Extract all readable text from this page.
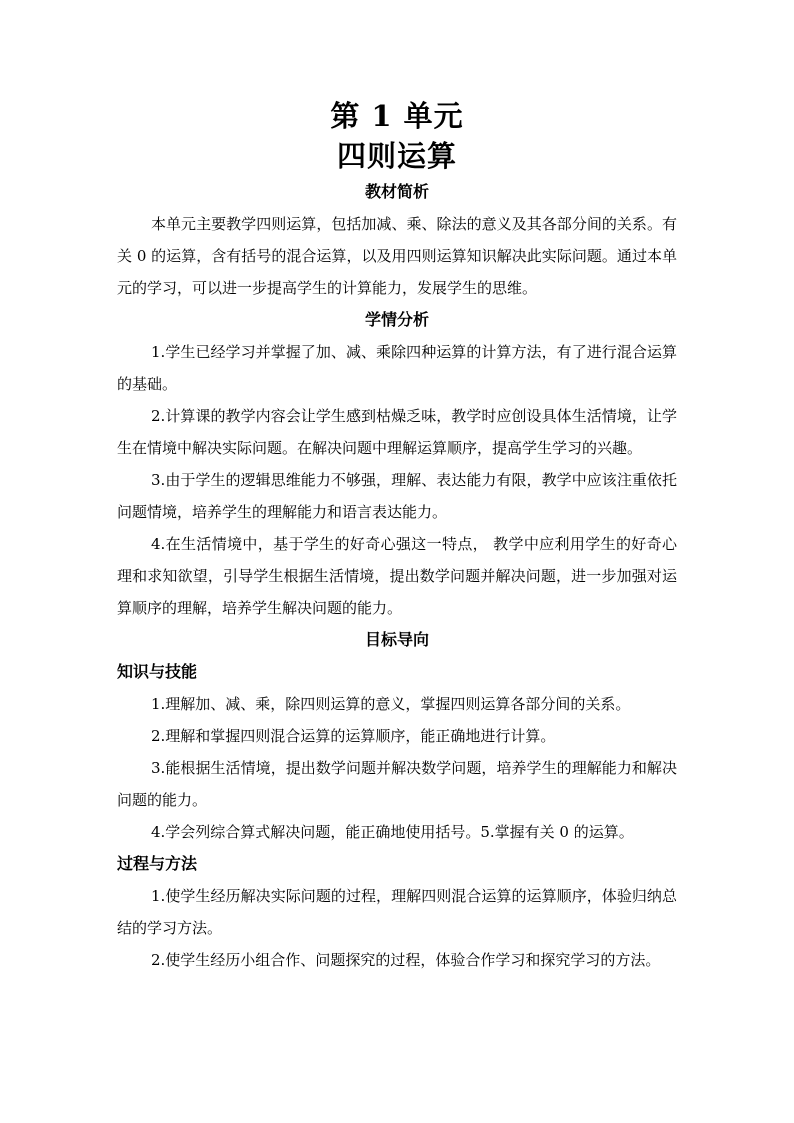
第 1 单元
四则运算
教材简析

本单元主要教学四则运算，包括加减、乘、除法的意义及其各部分间的关系。有关 0 的运算，含有括号的混合运算，以及用四则运算知识解决此实际问题。通过本单元的学习，可以进一步提高学生的计算能力，发展学生的思维。

学情分析

1.学生已经学习并掌握了加、减、乘除四种运算的计算方法，有了进行混合运算的基础。

2.计算课的教学内容会让学生感到枯燥乏味，教学时应创设具体生活情境，让学生在情境中解决实际问题。在解决问题中理解运算顺序，提高学生学习的兴趣。

3.由于学生的逻辑思维能力不够强，理解、表达能力有限，教学中应该注重依托问题情境，培养学生的理解能力和语言表达能力。

4.在生活情境中，基于学生的好奇心强这一特点， 教学中应利用学生的好奇心理和求知欲望，引导学生根据生活情境，提出数学问题并解决问题，进一步加强对运算顺序的理解，培养学生解决问题的能力。

目标导向
知识与技能

1.理解加、减、乘，除四则运算的意义，掌握四则运算各部分间的关系。

2.理解和掌握四则混合运算的运算顺序，能正确地进行计算。

3.能根据生活情境，提出数学问题并解决数学问题，培养学生的理解能力和解决问题的能力。

4.学会列综合算式解决问题，能正确地使用括号。5.掌握有关 0 的运算。

过程与方法

1.使学生经历解决实际问题的过程，理解四则混合运算的运算顺序，体验归纳总结的学习方法。

2.使学生经历小组合作、问题探究的过程，体验合作学习和探究学习的方法。
